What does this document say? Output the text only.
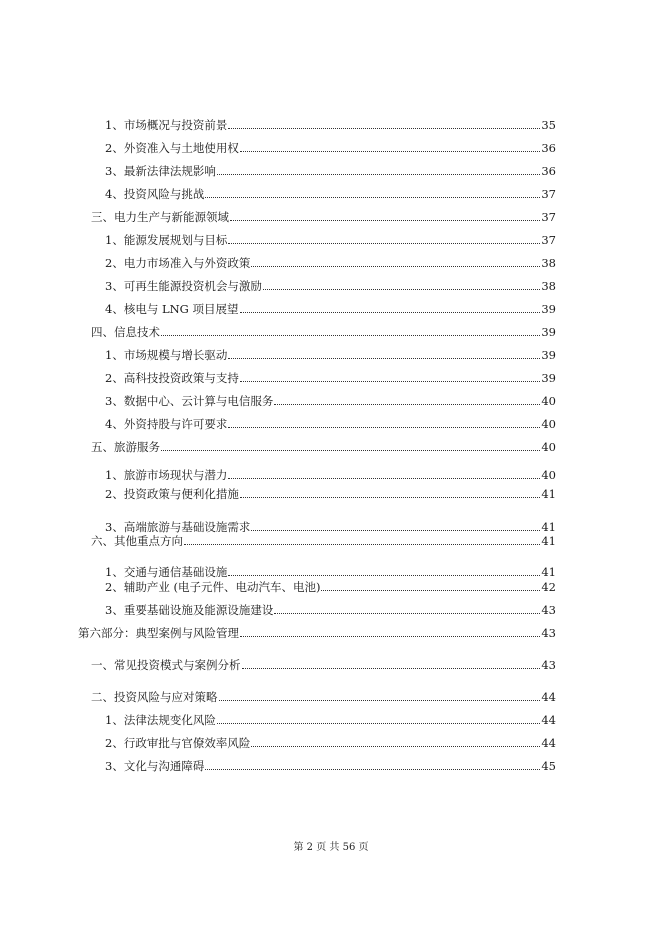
1、市场概况与投资前景	35
2、外资准入与土地使用权	36
3、最新法律法规影响	36
4、投资风险与挑战	37
三、电力生产与新能源领域	37
1、能源发展规划与目标	37
2、电力市场准入与外资政策	38
3、可再生能源投资机会与激励	38
4、核电与 LNG 项目展望	39
四、信息技术	39
1、市场规模与增长驱动	39
2、高科技投资政策与支持	39
3、数据中心、云计算与电信服务	40
4、外资持股与许可要求	40
五、旅游服务	40
1、旅游市场现状与潜力	40
2、投资政策与便利化措施	41
3、高端旅游与基础设施需求	41
六、其他重点方向	41
1、交通与通信基础设施	41
2、辅助产业 (电子元件、电动汽车、电池)	42
3、重要基础设施及能源设施建设	43
第六部分：典型案例与风险管理	43
一、常见投资模式与案例分析	43
二、投资风险与应对策略	44
1、法律法规变化风险	44
2、行政审批与官僚效率风险	44
3、文化与沟通障碍	45
第 2 页 共 56 页
